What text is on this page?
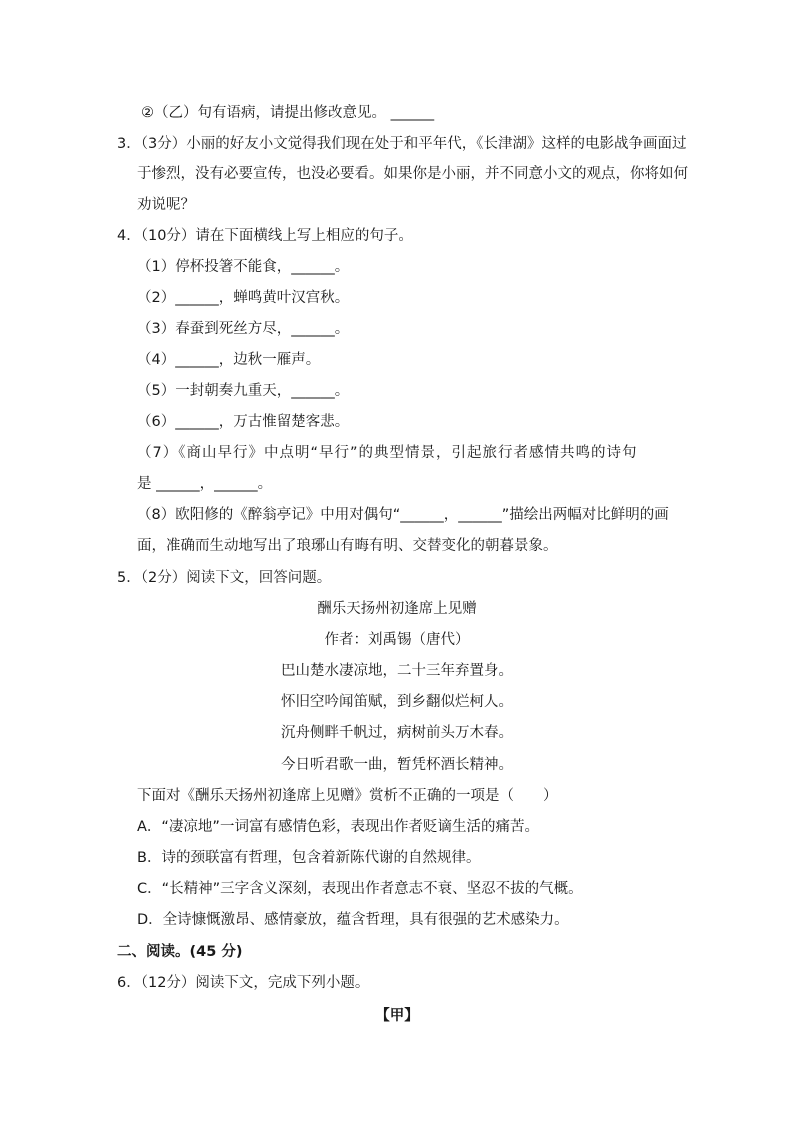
②（乙）句有语病，请提出修改意见。 ______
3．（3分）小丽的好友小文觉得我们现在处于和平年代，《长津湖》这样的电影战争画面过
于惨烈，没有必要宣传，也没必要看。如果你是小丽，并不同意小文的观点，你将如何
劝说呢？
4．（10分）请在下面横线上写上相应的句子。
（1）停杯投箸不能食，______。
（2）______，蝉鸣黄叶汉宫秋。
（3）春蚕到死丝方尽，______。
（4）______，边秋一雁声。
（5）一封朝奏九重天，______。
（6）______，万古惟留楚客悲。
（7）《商山早行》中点明“早行”的典型情景，引起旅行者感情共鸣的诗句
是 ______，______。
（8）欧阳修的《醉翁亭记》中用对偶句“______，______”描绘出两幅对比鲜明的画
面，准确而生动地写出了琅琊山有晦有明、交替变化的朝暮景象。
5．（2分）阅读下文，回答问题。
酬乐天扬州初逢席上见赠
作者：刘禹锡（唐代）
巴山楚水凄凉地，二十三年弃置身。
怀旧空吟闻笛赋，到乡翻似烂柯人。
沉舟侧畔千帆过，病树前头万木春。
今日听君歌一曲，暂凭杯酒长精神。
下面对《酬乐天扬州初逢席上见赠》赏析不正确的一项是（　　）
A．“凄凉地”一词富有感情色彩，表现出作者贬谪生活的痛苦。
B．诗的颈联富有哲理，包含着新陈代谢的自然规律。
C．“长精神”三字含义深刻，表现出作者意志不衰、坚忍不拔的气概。
D．全诗慷慨激昂、感情豪放，蕴含哲理，具有很强的艺术感染力。
二、阅读。(45 分)
6．（12分）阅读下文，完成下列小题。
【甲】
